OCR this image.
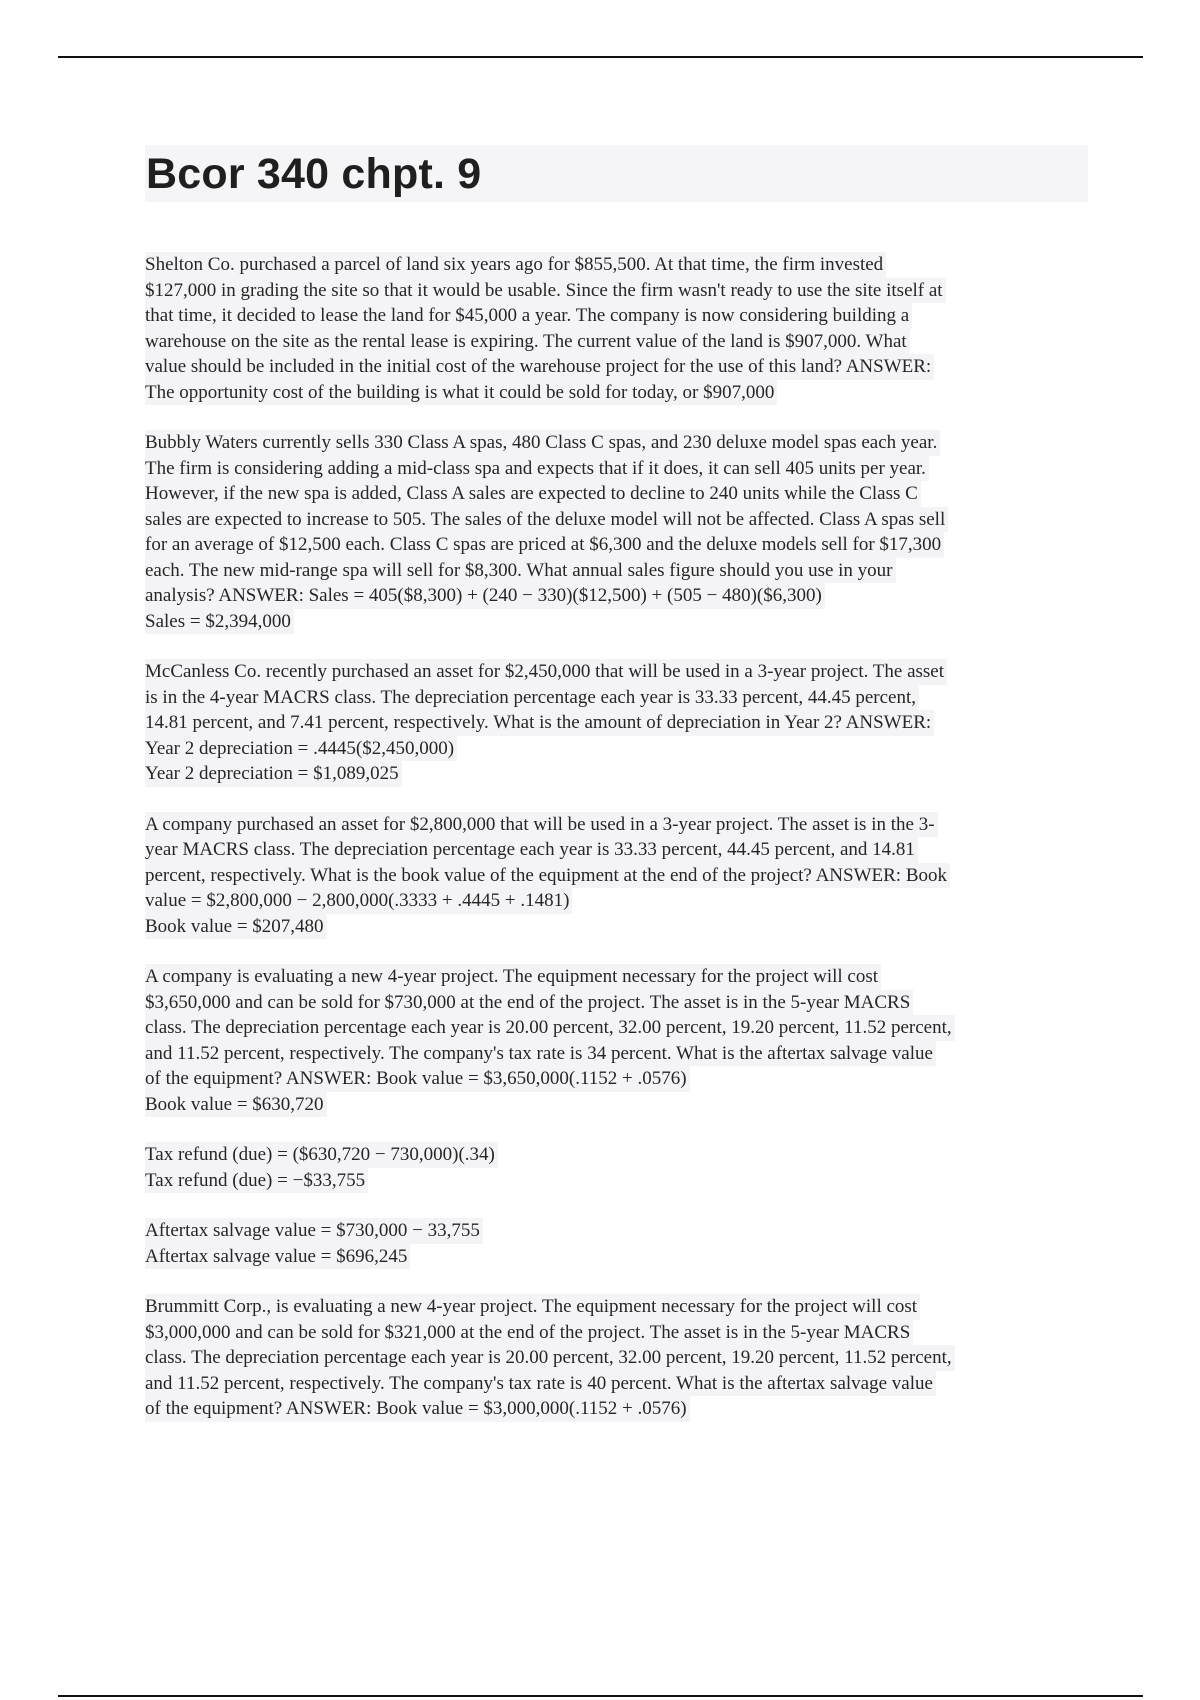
Bcor 340 chpt. 9
Shelton Co. purchased a parcel of land six years ago for $855,500. At that time, the firm invested
$127,000 in grading the site so that it would be usable. Since the firm wasn't ready to use the site itself at
that time, it decided to lease the land for $45,000 a year. The company is now considering building a
warehouse on the site as the rental lease is expiring. The current value of the land is $907,000. What
value should be included in the initial cost of the warehouse project for the use of this land? ANSWER:
The opportunity cost of the building is what it could be sold for today, or $907,000
Bubbly Waters currently sells 330 Class A spas, 480 Class C spas, and 230 deluxe model spas each year.
The firm is considering adding a mid-class spa and expects that if it does, it can sell 405 units per year.
However, if the new spa is added, Class A sales are expected to decline to 240 units while the Class C
sales are expected to increase to 505. The sales of the deluxe model will not be affected. Class A spas sell
for an average of $12,500 each. Class C spas are priced at $6,300 and the deluxe models sell for $17,300
each. The new mid-range spa will sell for $8,300. What annual sales figure should you use in your
analysis? ANSWER: Sales = 405($8,300) + (240 − 330)($12,500) + (505 − 480)($6,300)
Sales = $2,394,000
McCanless Co. recently purchased an asset for $2,450,000 that will be used in a 3-year project. The asset
is in the 4-year MACRS class. The depreciation percentage each year is 33.33 percent, 44.45 percent,
14.81 percent, and 7.41 percent, respectively. What is the amount of depreciation in Year 2? ANSWER:
Year 2 depreciation = .4445($2,450,000)
Year 2 depreciation = $1,089,025
A company purchased an asset for $2,800,000 that will be used in a 3-year project. The asset is in the 3-
year MACRS class. The depreciation percentage each year is 33.33 percent, 44.45 percent, and 14.81
percent, respectively. What is the book value of the equipment at the end of the project? ANSWER: Book
value = $2,800,000 − 2,800,000(.3333 + .4445 + .1481)
Book value = $207,480
A company is evaluating a new 4-year project. The equipment necessary for the project will cost
$3,650,000 and can be sold for $730,000 at the end of the project. The asset is in the 5-year MACRS
class. The depreciation percentage each year is 20.00 percent, 32.00 percent, 19.20 percent, 11.52 percent,
and 11.52 percent, respectively. The company's tax rate is 34 percent. What is the aftertax salvage value
of the equipment? ANSWER: Book value = $3,650,000(.1152 + .0576)
Book value = $630,720
Tax refund (due) = ($630,720 − 730,000)(.34)
Tax refund (due) = −$33,755
Aftertax salvage value = $730,000 − 33,755
Aftertax salvage value = $696,245
Brummitt Corp., is evaluating a new 4-year project. The equipment necessary for the project will cost
$3,000,000 and can be sold for $321,000 at the end of the project. The asset is in the 5-year MACRS
class. The depreciation percentage each year is 20.00 percent, 32.00 percent, 19.20 percent, 11.52 percent,
and 11.52 percent, respectively. The company's tax rate is 40 percent. What is the aftertax salvage value
of the equipment? ANSWER: Book value = $3,000,000(.1152 + .0576)
